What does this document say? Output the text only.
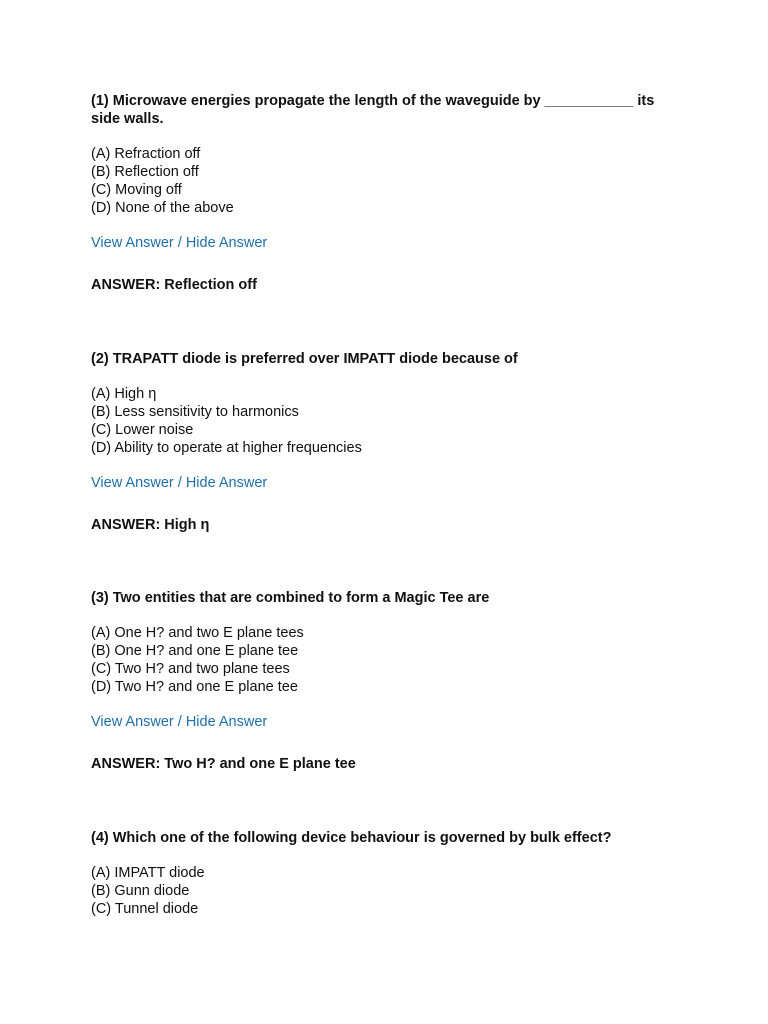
(1) Microwave energies propagate the length of the waveguide by ___________ its side walls.

(A) Refraction off
(B) Reflection off
(C) Moving off
(D) None of the above
View Answer / Hide Answer
ANSWER: Reflection off

(2) TRAPATT diode is preferred over IMPATT diode because of

(A) High η
(B) Less sensitivity to harmonics
(C) Lower noise
(D) Ability to operate at higher frequencies
View Answer / Hide Answer
ANSWER: High η

(3) Two entities that are combined to form a Magic Tee are

(A) One H? and two E plane tees
(B) One H? and one E plane tee
(C) Two H? and two plane tees
(D) Two H? and one E plane tee
View Answer / Hide Answer
ANSWER: Two H? and one E plane tee

(4) Which one of the following device behaviour is governed by bulk effect?

(A) IMPATT diode
(B) Gunn diode
(C) Tunnel diode
